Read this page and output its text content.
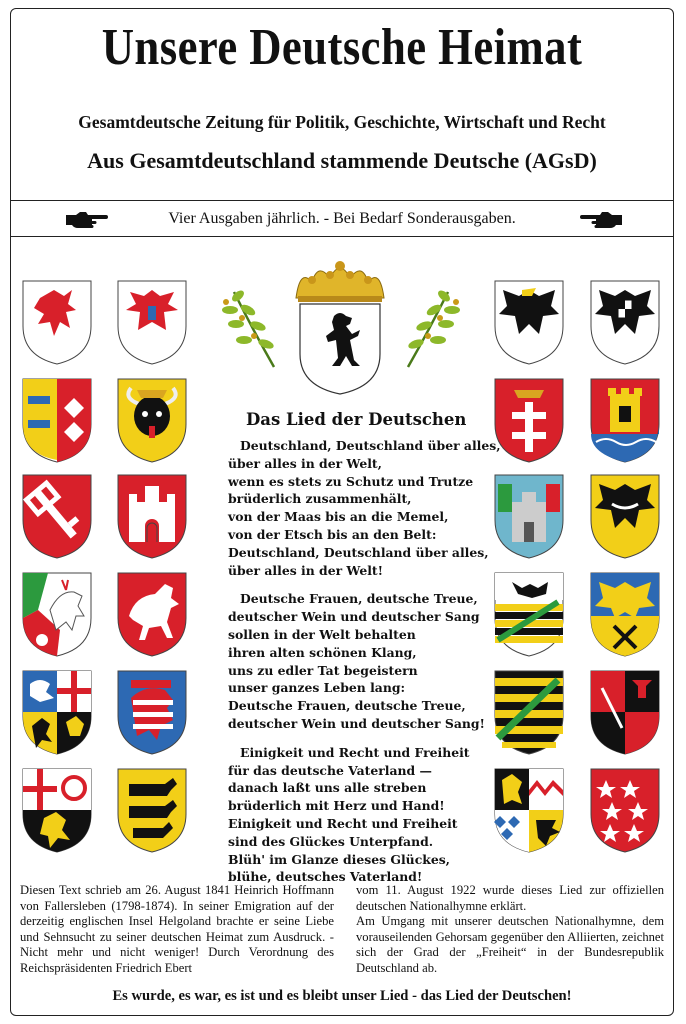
Unsere Deutsche Heimat
Gesamtdeutsche Zeitung für Politik, Geschichte, Wirtschaft und Recht
Aus Gesamtdeutschland stammende Deutsche (AGsD)
Vier Ausgaben jährlich. - Bei Bedarf Sonderausgaben.
Das Lied der Deutschen
Deutschland, Deutschland über alles,
über alles in der Welt,
wenn es stets zu Schutz und Trutze
brüderlich zusammenhält,
von der Maas bis an die Memel,
von der Etsch bis an den Belt:
Deutschland, Deutschland über alles,
über alles in der Welt!
Deutsche Frauen, deutsche Treue,
deutscher Wein und deutscher Sang
sollen in der Welt behalten
ihren alten schönen Klang,
uns zu edler Tat begeistern
unser ganzes Leben lang:
Deutsche Frauen, deutsche Treue,
deutscher Wein und deutscher Sang!
Einigkeit und Recht und Freiheit
für das deutsche Vaterland —
danach laßt uns alle streben
brüderlich mit Herz und Hand!
Einigkeit und Recht und Freiheit
sind des Glückes Unterpfand.
Blüh' im Glanze dieses Glückes,
blühe, deutsches Vaterland!

Diesen Text schrieb am 26. August 1841 Heinrich Hoffmann von Fallersleben (1798-1874). In seiner Emigration auf der derzeitig englischen Insel Helgoland brachte er seine Liebe und Sehnsucht zu seiner deutschen Heimat zum Ausdruck. - Nicht mehr und nicht weniger! Durch Verordnung des Reichspräsidenten Friedrich Ebert

vom 11. August 1922 wurde dieses Lied zur offiziellen deutschen Nationalhymne erklärt.

Am Umgang mit unserer deutschen Nationalhymne, dem vorauseilenden Gehorsam gegenüber den Alliierten, zeichnet sich der Grad der „Freiheit“ in der Bundesrepublik Deutschland ab.

Es wurde, es war, es ist und es bleibt unser Lied - das Lied der Deutschen!
